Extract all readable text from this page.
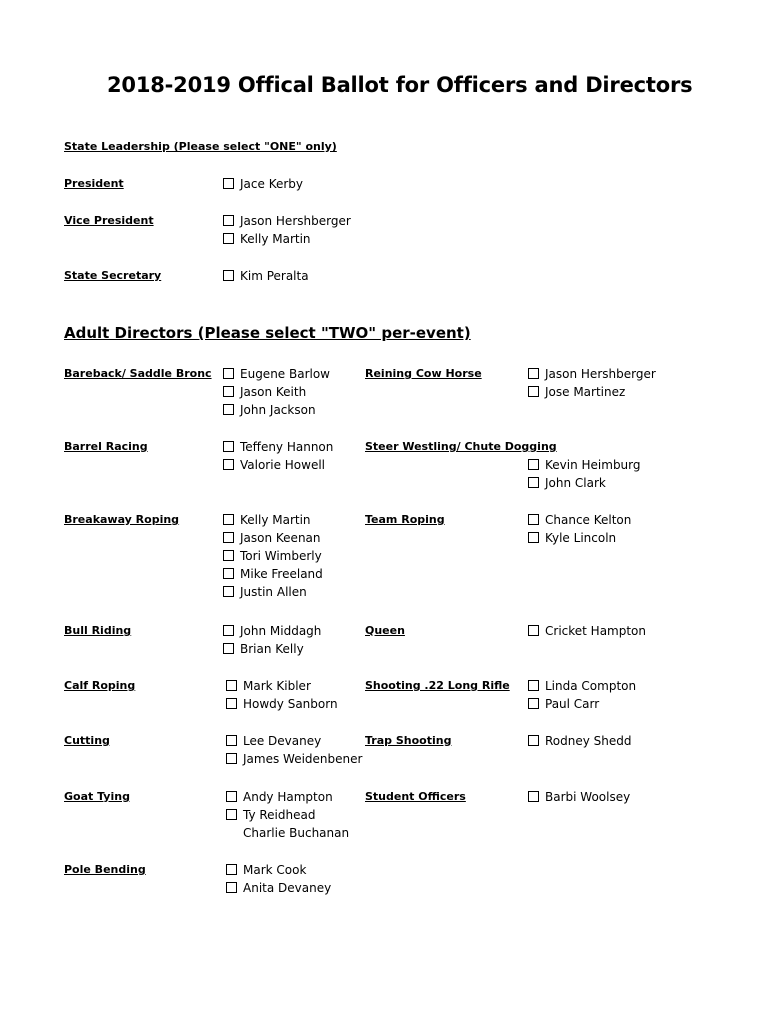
2018-2019 Offical Ballot for Officers and Directors
State Leadership (Please select "ONE" only)
President	Jace Kerby
Vice President	Jason Hershberger
Kelly Martin
State Secretary	Kim Peralta
Adult Directors (Please select "TWO" per-event)
Bareback/ Saddle Bronc	Eugene Barlow
Jason Keith
John Jackson
Reining Cow Horse	Jason Hershberger
Jose Martinez
Barrel Racing	Teffeny Hannon
Valorie Howell
Steer Westling/ Chute Dogging
Kevin Heimburg
John Clark
Breakaway Roping	Kelly Martin
Jason Keenan
Tori Wimberly
Mike Freeland
Justin Allen
Team Roping	Chance Kelton
Kyle Lincoln
Bull Riding	John Middagh
Brian Kelly
Queen	Cricket Hampton
Calf Roping	Mark Kibler
Howdy Sanborn
Shooting .22 Long Rifle	Linda Compton
Paul Carr
Cutting	Lee Devaney
James Weidenbener
Trap Shooting	Rodney Shedd
Goat Tying	Andy Hampton
Ty Reidhead
Charlie Buchanan
Student Officers	Barbi Woolsey
Pole Bending	Mark Cook
Anita Devaney
